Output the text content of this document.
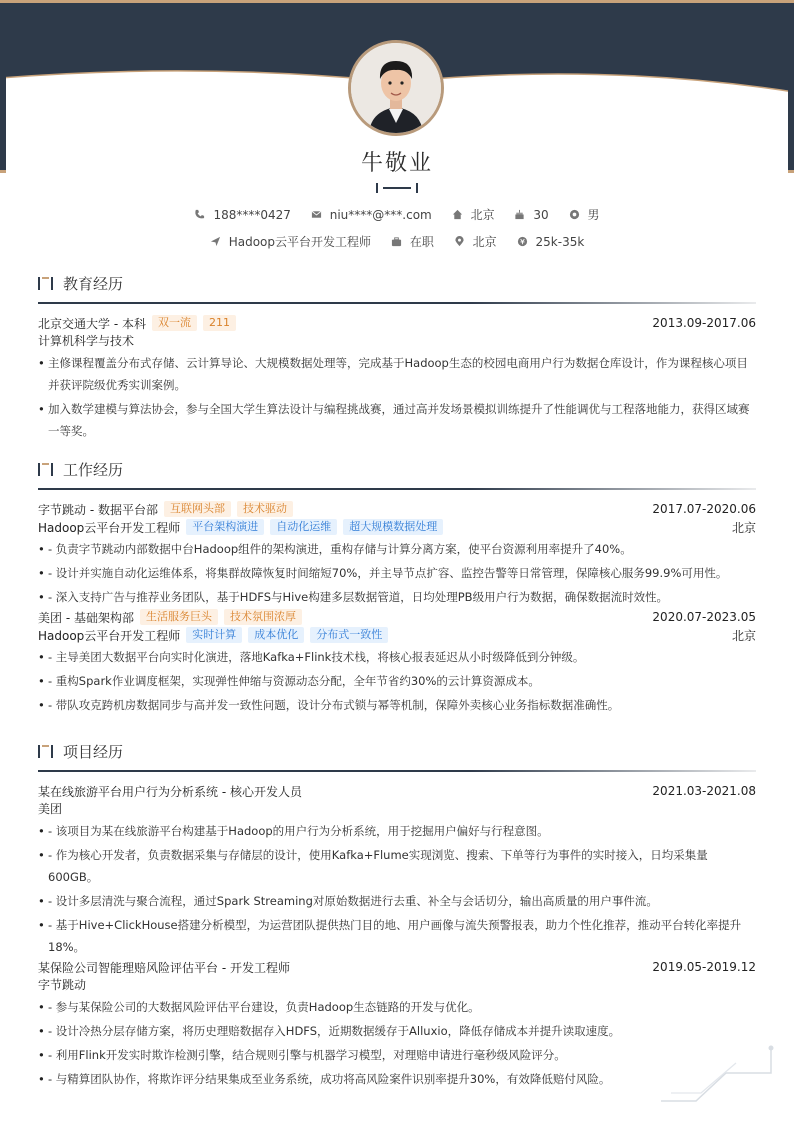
牛敬业
188****0427
	niu****@***.com
	北京
	30
	男
Hadoop云平台开发工程师
	在职
	北京
	25k-35k
教育经历
北京交通大学 - 本科	双一流	211	2013.09-2017.06
计算机科学与技术
• 主修课程覆盖分布式存储、云计算导论、大规模数据处理等，完成基于Hadoop生态的校园电商用户行为数据仓库设计，作为课程核心项目并获评院级优秀实训案例。
• 加入数学建模与算法协会，参与全国大学生算法设计与编程挑战赛，通过高并发场景模拟训练提升了性能调优与工程落地能力，获得区域赛一等奖。
工作经历
字节跳动 - 数据平台部	互联网头部	技术驱动	2017.07-2020.06
Hadoop云平台开发工程师	平台架构演进	自动化运维	超大规模数据处理	北京
• - 负责字节跳动内部数据中台Hadoop组件的架构演进，重构存储与计算分离方案，使平台资源利用率提升了40%。
• - 设计并实施自动化运维体系，将集群故障恢复时间缩短70%，并主导节点扩容、监控告警等日常管理，保障核心服务99.9%可用性。
• - 深入支持广告与推荐业务团队，基于HDFS与Hive构建多层数据管道，日均处理PB级用户行为数据，确保数据流时效性。
美团 - 基础架构部	生活服务巨头	技术氛围浓厚	2020.07-2023.05
Hadoop云平台开发工程师	实时计算	成本优化	分布式一致性	北京
• - 主导美团大数据平台向实时化演进，落地Kafka+Flink技术栈，将核心报表延迟从小时级降低到分钟级。
• - 重构Spark作业调度框架，实现弹性伸缩与资源动态分配，全年节省约30%的云计算资源成本。
• - 带队攻克跨机房数据同步与高并发一致性问题，设计分布式锁与幂等机制，保障外卖核心业务指标数据准确性。
项目经历
某在线旅游平台用户行为分析系统 - 核心开发人员	2021.03-2021.08
美团
• - 该项目为某在线旅游平台构建基于Hadoop的用户行为分析系统，用于挖掘用户偏好与行程意图。
• - 作为核心开发者，负责数据采集与存储层的设计，使用Kafka+Flume实现浏览、搜索、下单等行为事件的实时接入，日均采集量600GB。
• - 设计多层清洗与聚合流程，通过Spark Streaming对原始数据进行去重、补全与会话切分，输出高质量的用户事件流。
• - 基于Hive+ClickHouse搭建分析模型，为运营团队提供热门目的地、用户画像与流失预警报表，助力个性化推荐，推动平台转化率提升18%。
某保险公司智能理赔风险评估平台 - 开发工程师	2019.05-2019.12
字节跳动
• - 参与某保险公司的大数据风险评估平台建设，负责Hadoop生态链路的开发与优化。
• - 设计冷热分层存储方案，将历史理赔数据存入HDFS，近期数据缓存于Alluxio，降低存储成本并提升读取速度。
• - 利用Flink开发实时欺诈检测引擎，结合规则引擎与机器学习模型，对理赔申请进行毫秒级风险评分。
• - 与精算团队协作，将欺诈评分结果集成至业务系统，成功将高风险案件识别率提升30%，有效降低赔付风险。
